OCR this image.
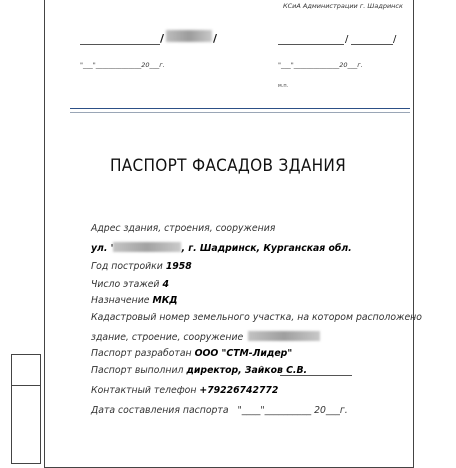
КСиА Администрации г. Шадринск
/	/	/	/
"___"______________20___г.	"___"______________20___г.
м.п.
ПАСПОРТ ФАСАДОВ ЗДАНИЯ
Адрес здания, строения, сооружения
ул. '	, г. Шадринск, Курганская обл.
Год постройки 1958
Число этажей 4
Назначение МКД
Кадастровый номер земельного участка, на котором расположено
здание, строение, сооружение
Паспорт разработан ООО "СТМ-Лидер"
Паспорт выполнил директор, Зайков С.В.
Контактный телефон +79226742772
Дата составления паспорта "____"__________ 20___г.
